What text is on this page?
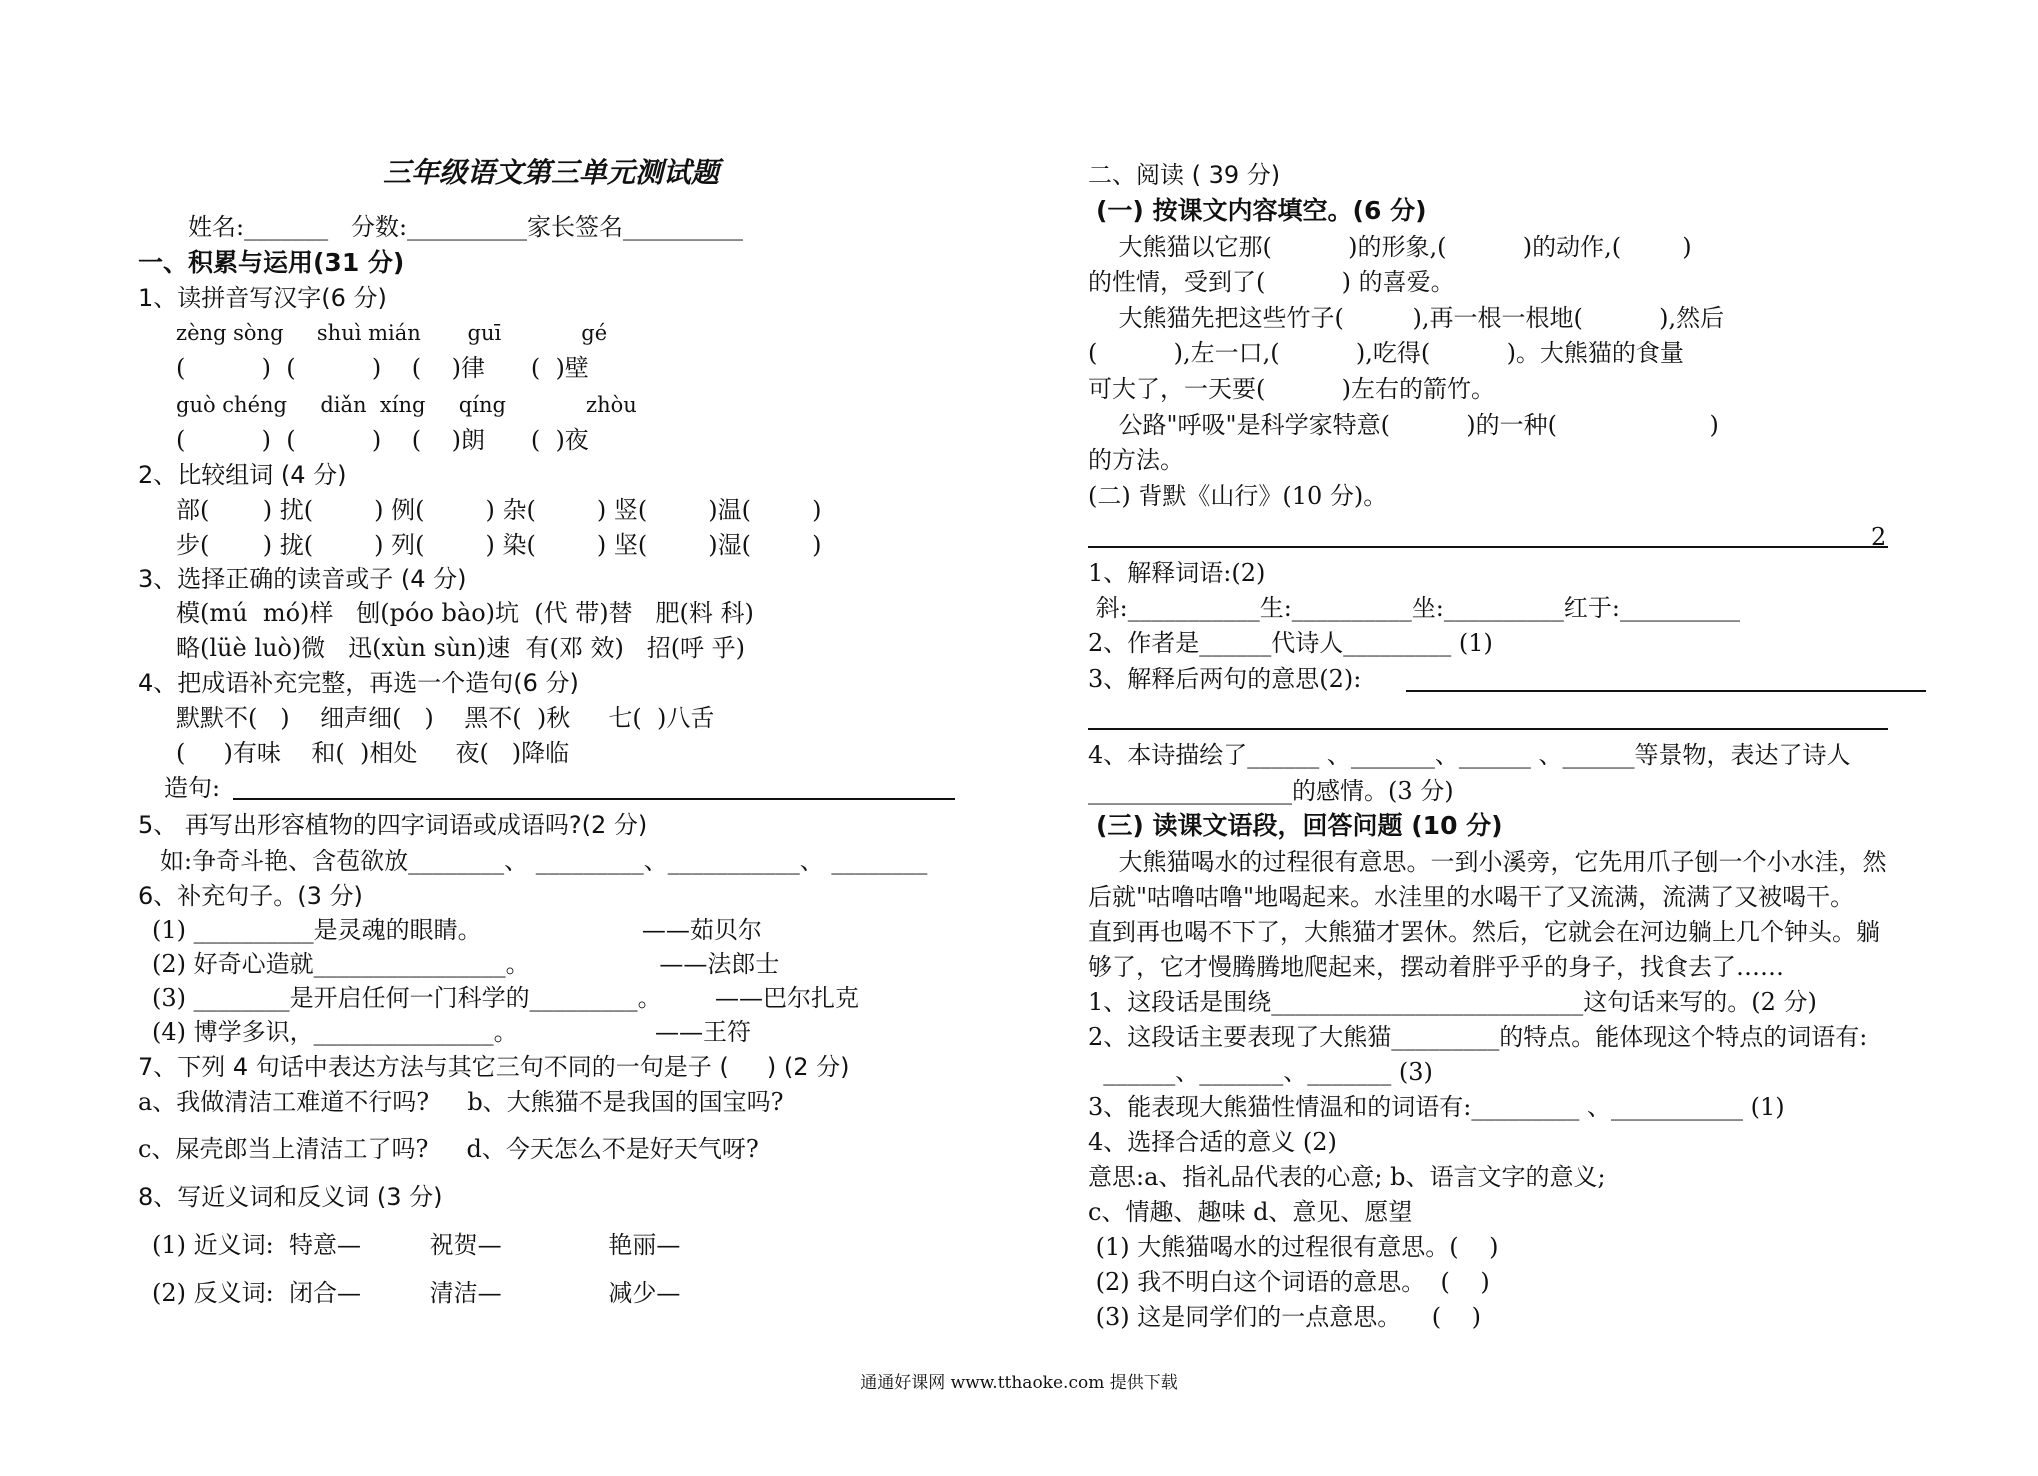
三年级语文第三单元测试题
姓名:_______   分数:__________家长签名__________
一、积累与运用(31 分)
1、读拼音写汉字(6 分)
zèng sòng     shuì mián       guī            gé
(          )  (          )    (    )律      (  )壁
guò chéng     diǎn  xíng     qíng            zhòu
(          )  (          )    (    )朗      (  )夜
2、比较组词 (4 分)
部(       ) 扰(        ) 例(        ) 杂(        ) 竖(        )温(        )
步(       ) 拢(        ) 列(        ) 染(        ) 坚(        )湿(        )
3、选择正确的读音或子 (4 分)
模(mú  mó)样   刨(póo bào)坑  (代 带)替   肥(料 科)
略(lüè luò)微   迅(xùn sùn)速  有(邓 效)   招(呼 乎)
4、把成语补充完整，再选一个造句(6 分)
默默不(   )    细声细(   )    黑不(  )秋     七(  )八舌
(     )有味    和(  )相处     夜(   )降临
造句:
5、 再写出形容植物的四字词语或成语吗?(2 分)
如:争奇斗艳、含苞欲放________、 _________、___________、 ________
6、补充句子。(3 分)
(1) __________是灵魂的眼睛。                     ——茹贝尔
(2) 好奇心造就________________。                 ——法郎士
(3) ________是开启任何一门科学的_________。       ——巴尔扎克
(4) 博学多识，_______________。                  ——王符
7、下列 4 句话中表达方法与其它三句不同的一句是子 (     ) (2 分)
a、我做清洁工难道不行吗?     b、大熊猫不是我国的国宝吗?
c、屎壳郎当上清洁工了吗?     d、今天怎么不是好天气呀?
8、写近义词和反义词 (3 分)
(1) 近义词:  特意—         祝贺—              艳丽—
(2) 反义词:  闭合—         清洁—              减少—
二、阅读 ( 39 分)
(一) 按课文内容填空。(6 分)
大熊猫以它那(          )的形象,(          )的动作,(        )
的性情，受到了(          ) 的喜爱。
大熊猫先把这些竹子(         ),再一根一根地(          ),然后
(          ),左一口,(          ),吃得(          )。大熊猫的食量
可大了，一天要(          )左右的箭竹。
公路"呼吸"是科学家特意(          )的一种(                    )
的方法。
(二) 背默《山行》(10 分)。
2
1、解释词语:(2)
斜:___________生:__________坐:__________红于:__________
2、作者是______代诗人_________ (1)
3、解释后两句的意思(2):
4、本诗描绘了______ 、_______、______ 、______等景物，表达了诗人
_________________的感情。(3 分)
(三) 读课文语段，回答问题 (10 分)
大熊猫喝水的过程很有意思。一到小溪旁，它先用爪子刨一个小水洼，然
后就"咕噜咕噜"地喝起来。水洼里的水喝干了又流满，流满了又被喝干。
直到再也喝不下了，大熊猫才罢休。然后，它就会在河边躺上几个钟头。躺
够了，它才慢腾腾地爬起来，摆动着胖乎乎的身子，找食去了……
1、这段话是围绕__________________________这句话来写的。(2 分)
2、这段话主要表现了大熊猫_________的特点。能体现这个特点的词语有:
______、_______、_______ (3)
3、能表现大熊猫性情温和的词语有:_________ 、___________ (1)
4、选择合适的意义 (2)
意思:a、指礼品代表的心意; b、语言文字的意义;
c、情趣、趣味 d、意见、愿望
(1) 大熊猫喝水的过程很有意思。(    )
(2) 我不明白这个词语的意思。  (    )
(3) 这是同学们的一点意思。    (    )
通通好课网 www.tthaoke.com 提供下载
